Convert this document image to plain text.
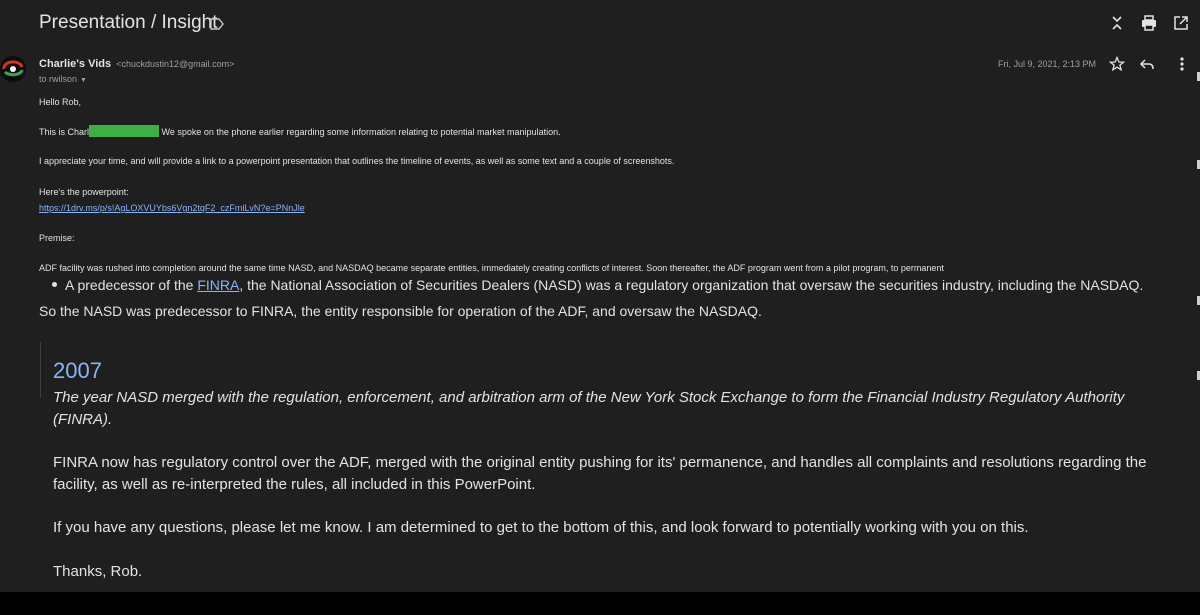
Presentation / Insight
Charlie's Vids <chuckdustin12@gmail.com>
to rwilson ▼
Fri, Jul 9, 2021, 2:13 PM
Hello Rob,
This is Charl	We spoke on the phone earlier regarding some information relating to potential market manipulation.
I appreciate your time, and will provide a link to a powerpoint presentation that outlines the timeline of events, as well as some text and a couple of screenshots.
Here's the powerpoint:
https://1drv.ms/p/s!AgLOXVUYbs6Vgn2tqF2_czFmlLvN?e=PNnJle
Premise:
ADF facility was rushed into completion around the same time NASD, and NASDAQ became separate entities, immediately creating conflicts of interest. Soon thereafter, the ADF program went from a pilot program, to permanent
A predecessor of the FINRA, the National Association of Securities Dealers (NASD) was a regulatory organization that oversaw the securities industry, including the NASDAQ.
So the NASD was predecessor to FINRA, the entity responsible for operation of the ADF, and oversaw the NASDAQ.
2007
The year NASD merged with the regulation, enforcement, and arbitration arm of the New York Stock Exchange to form the Financial Industry Regulatory Authority (FINRA).
FINRA now has regulatory control over the ADF, merged with the original entity pushing for its' permanence, and handles all complaints and resolutions regarding the facility, as well as re-interpreted the rules, all included in this PowerPoint.
If you have any questions, please let me know. I am determined to get to the bottom of this, and look forward to potentially working with you on this.
Thanks, Rob.
